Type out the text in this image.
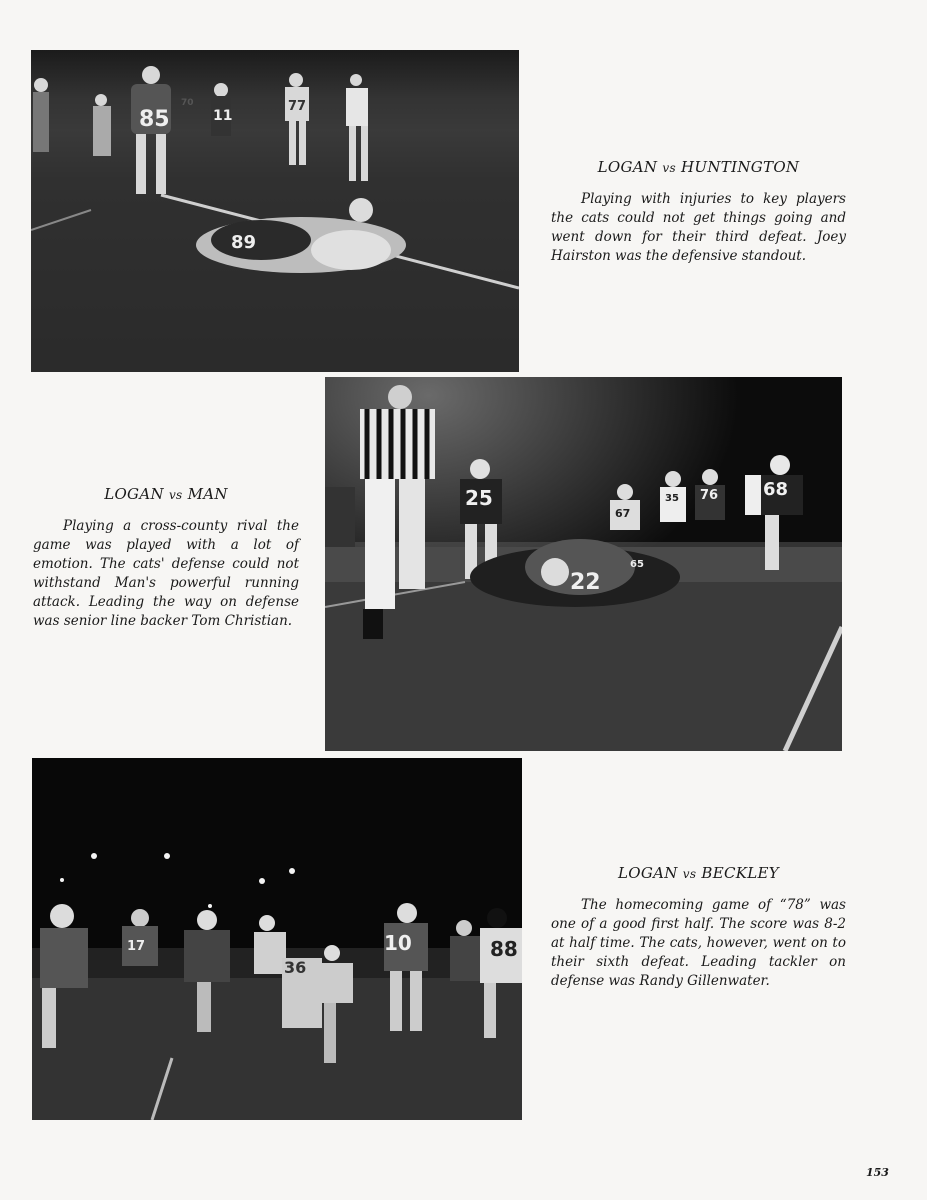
85
70
11
77
89
LOGAN vs HUNTINGTON

Playing with injuries to key players the cats could not get things going and went down for their third defeat. Joey Hairston was the defensive standout.

25	76 68
22
65
67
35
LOGAN vs MAN

Playing a cross-county rival the game was played with a lot of emotion. The cats' defense could not withstand Man's powerful running attack. Leading the way on defense was senior line backer Tom Christian.

17	10	88
36
LOGAN vs BECKLEY

The homecoming game of “78” was one of a good first half. The score was 8-2 at half time. The cats, however, went on to their sixth defeat. Leading tackler on defense was Randy Gillenwater.

153
